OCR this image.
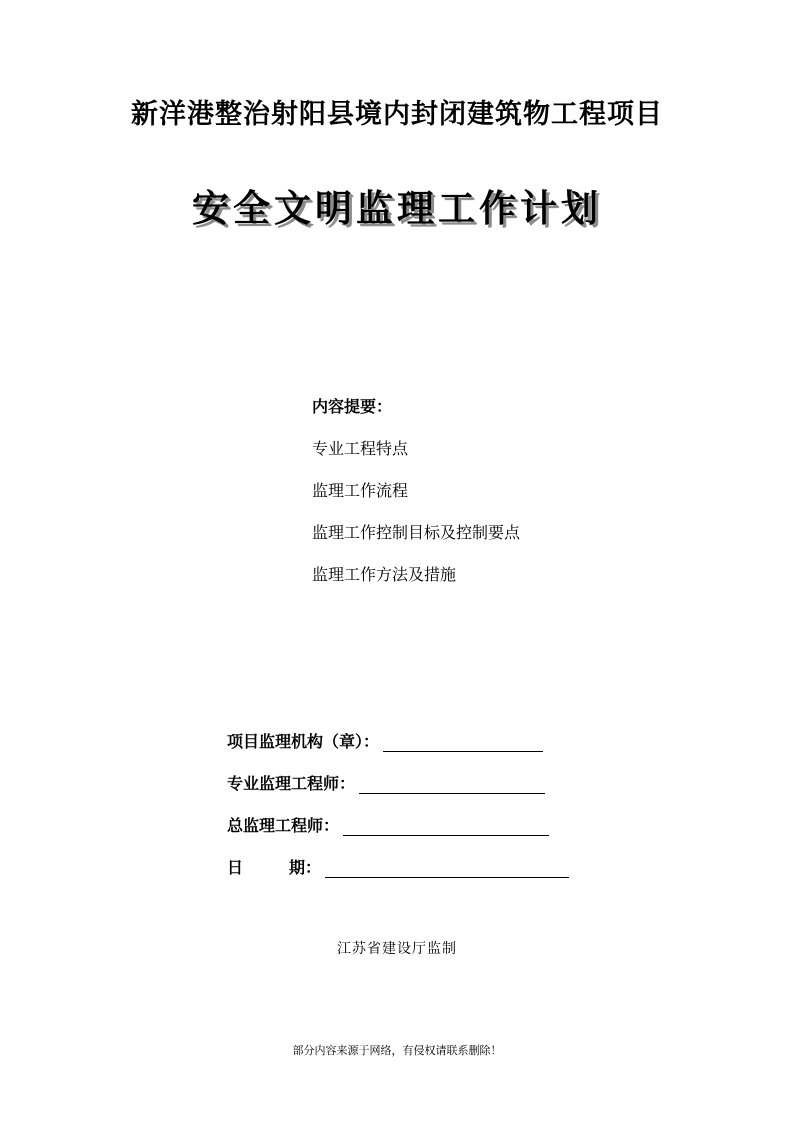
新洋港整治射阳县境内封闭建筑物工程项目
安全文明监理工作计划

内容提要：

专业工程特点
监理工作流程
监理工作控制目标及控制要点
监理工作方法及措施
项目监理机构（章）：
专业监理工程师：
总监理工程师：
日	期：
江苏省建设厅监制
部分内容来源于网络，有侵权请联系删除！
